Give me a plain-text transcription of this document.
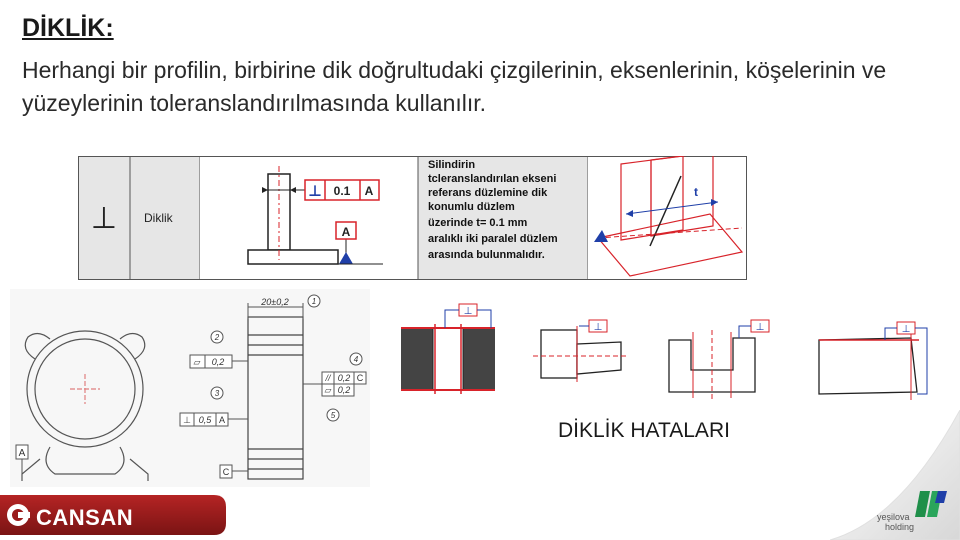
DİKLİK:
Herhangi bir profilin, birbirine dik doğrultudaki çizgilerinin, eksenlerinin, köşelerinin ve yüzeylerinin toleranslandırılmasında kullanılır.
⊥ Diklik
⊥ 0.1 A
A
Silindirin
tcleranslandırılan ekseni
referans düzlemine dik
konumlu düzlem
üzerinde t= 0.1 mm
aralıklı iki paralel düzlem
arasında bulunmalıdır.
t
A
20±0,2	1
2
3
4
5
▱ 0,2
⊥ 0,5 A
// 0,2 C
▱ 0,2
C
⊥
⊥	⊥	⊥
DİKLİK HATALARI
CANSAN	yeşilova
holding
